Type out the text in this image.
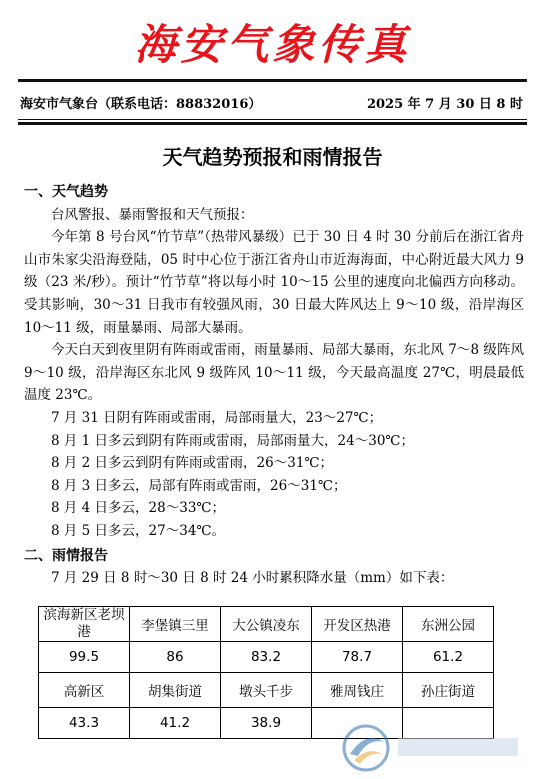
海安气象传真
海安市气象台（联系电话：88832016）	2025 年 7 月 30 日 8 时
天气趋势预报和雨情报告
一、天气趋势
台风警报、暴雨警报和天气预报：
今年第 8 号台风“竹节草”（热带风暴级）已于 30 日 4 时 30 分前后在浙江省舟山市朱家尖沿海登陆，05 时中心位于浙江省舟山市近海海面，中心附近最大风力 9 级（23 米/秒）。预计“竹节草”将以每小时 10～15 公里的速度向北偏西方向移动。受其影响，30～31 日我市有较强风雨，30 日最大阵风达上 9～10 级，沿岸海区 10～11 级，雨量暴雨、局部大暴雨。
今天白天到夜里阴有阵雨或雷雨，雨量暴雨、局部大暴雨，东北风 7～8 级阵风 9～10 级，沿岸海区东北风 9 级阵风 10～11 级，今天最高温度 27℃，明晨最低温度 23℃。
7 月 31 日阴有阵雨或雷雨，局部雨量大，23～27℃；
8 月 1 日多云到阴有阵雨或雷雨，局部雨量大，24～30℃；
8 月 2 日多云到阴有阵雨或雷雨，26～31℃；
8 月 3 日多云，局部有阵雨或雷雨，26～31℃；
8 月 4 日多云，28～33℃；
8 月 5 日多云，27～34℃。
二、雨情报告
7 月 29 日 8 时～30 日 8 时 24 小时累积降水量（mm）如下表：
滨海新区老坝港	李堡镇三里	大公镇凌东	开发区热港	东洲公园
99.5	86	83.2	78.7	61.2
高新区	胡集街道	墩头千步	雅周钱庄	孙庄街道
43.3	41.2	38.9		
